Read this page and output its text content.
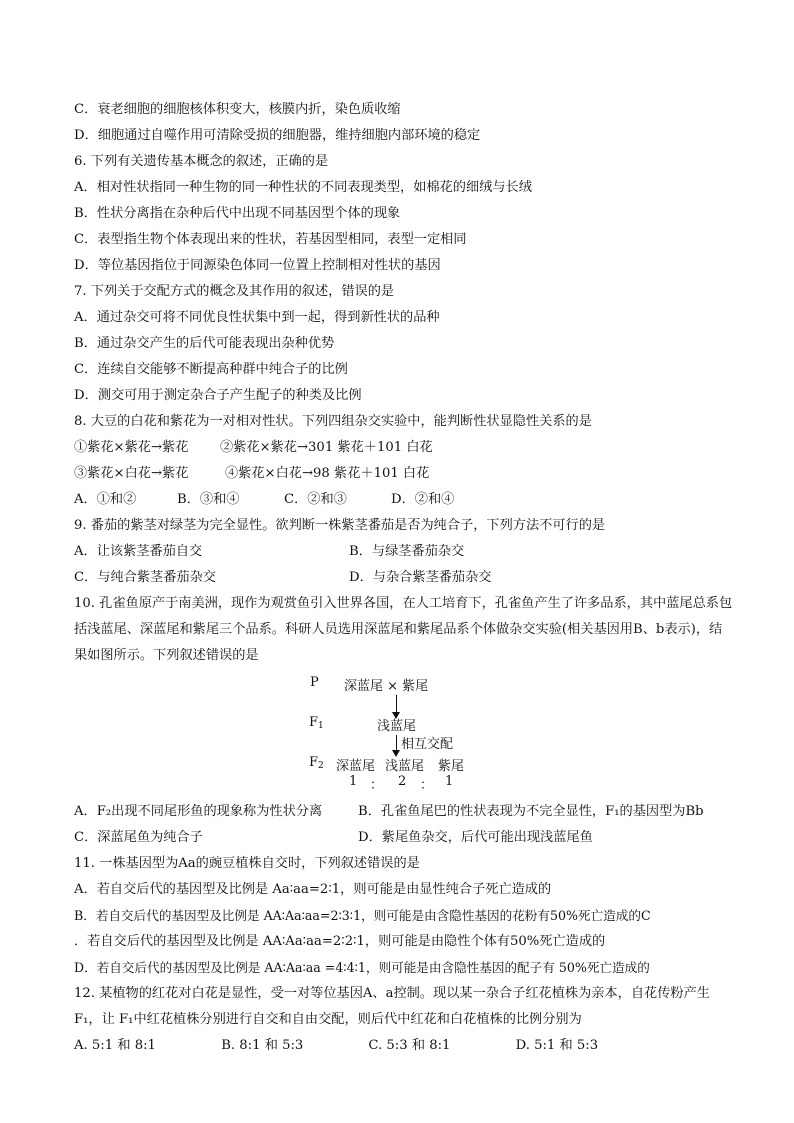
C．衰老细胞的细胞核体积变大，核膜内折，染色质收缩
D．细胞通过自噬作用可清除受损的细胞器，维持细胞内部环境的稳定
6. 下列有关遗传基本概念的叙述，正确的是
A．相对性状指同一种生物的同一种性状的不同表现类型，如棉花的细绒与长绒
B．性状分离指在杂种后代中出现不同基因型个体的现象
C．表型指生物个体表现出来的性状，若基因型相同，表型一定相同
D．等位基因指位于同源染色体同一位置上控制相对性状的基因
7. 下列关于交配方式的概念及其作用的叙述，错误的是
A．通过杂交可将不同优良性状集中到一起，得到新性状的品种
B．通过杂交产生的后代可能表现出杂种优势
C．连续自交能够不断提高种群中纯合子的比例
D．测交可用于测定杂合子产生配子的种类及比例
8. 大豆的白花和紫花为一对相对性状。下列四组杂交实验中，能判断性状显隐性关系的是
①紫花×紫花→紫花	②紫花×紫花→301 紫花＋101 白花
③紫花×白花→紫花	④紫花×白花→98 紫花＋101 白花
A．①和②	B．③和④	C．②和③	D．②和④
9. 番茄的紫茎对绿茎为完全显性。欲判断一株紫茎番茄是否为纯合子，下列方法不可行的是
A．让该紫茎番茄自交	B．与绿茎番茄杂交
C．与纯合紫茎番茄杂交	D．与杂合紫茎番茄杂交
10. 孔雀鱼原产于南美洲，现作为观赏鱼引入世界各国，在人工培育下，孔雀鱼产生了许多品系，其中蓝尾总系包括浅蓝尾、深蓝尾和紫尾三个品系。科研人员选用深蓝尾和紫尾品系个体做杂交实验(相关基因用B、b表示)，结果如图所示。下列叙述错误的是
P 深蓝尾 × 紫尾
$F_1$	浅蓝尾
相互交配
$F_2$ 深蓝尾 浅蓝尾 紫尾
1 ： 2 ： 1
A．F₂出现不同尾形鱼的现象称为性状分离	B．孔雀鱼尾巴的性状表现为不完全显性，F₁的基因型为Bb
C．深蓝尾鱼为纯合子	D．紫尾鱼杂交，后代可能出现浅蓝尾鱼
11. 一株基因型为Aa的豌豆植株自交时，下列叙述错误的是
A．若自交后代的基因型及比例是 Aa∶aa=2∶1，则可能是由显性纯合子死亡造成的
B．若自交后代的基因型及比例是 AA∶Aa∶aa=2∶3∶1，则可能是由含隐性基因的花粉有50%死亡造成的C
．若自交后代的基因型及比例是 AA∶Aa∶aa=2∶2∶1，则可能是由隐性个体有50%死亡造成的
D．若自交后代的基因型及比例是 AA∶Aa∶aa =4∶4∶1，则可能是由含隐性基因的配子有 50%死亡造成的
12. 某植物的红花对白花是显性，受一对等位基因A、a控制。现以某一杂合子红花植株为亲本，自花传粉产生 F₁，让 F₁中红花植株分别进行自交和自由交配，则后代中红花和白花植株的比例分别为
A. 5:1 和 8:1	B. 8:1 和 5:3	C. 5:3 和 8:1	D. 5:1 和 5:3
